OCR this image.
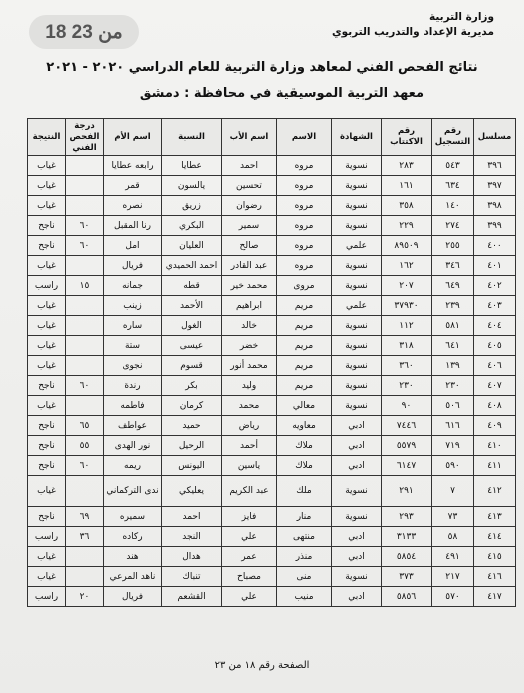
18 من 23
وزارة التربية
مديرية الإعداد والتدريب التربوي
نتائج الفحص الفني لمعاهد وزارة التربية للعام الدراسي ٢٠٢٠ - ٢٠٢١
معهد التربية الموسيقية في محافظة : دمشق
مسلسل	رقم التسجيل	رقم الاكتتاب	الشهادة	الاسم	اسم الأب	النسبة	اسم الأم	درجة الفحص الفني	النتيجة
٣٩٦	٥٤٣	٢٨٣	نسوية	مروه	احمد	عطايا	رابعه عطايا		غياب
٣٩٧	٦٣٤	١٦١	نسوية	مروه	تحسين	يالسون	قمر		غياب
٣٩٨	١٤٠	٣٥٨	نسوية	مروه	رضوان	زريق	نصره		غياب
٣٩٩	٢٧٤	٢٢٩	نسوية	مروه	سمير	البكري	رنا المقبل	٦٠	ناجح
٤٠٠	٢٥٥	٨٩٥٠٩	علمي	مروه	صالح	العليان	امل	٦٠	ناجح
٤٠١	٣٤٦	١٦٢	نسوية	مروه	عبد القادر	احمد الحميدي	فريال		غياب
٤٠٢	٦٤٩	٢٠٧	نسوية	مروى	محمد خير	قطه	جمانه	١٥	راسب
٤٠٣	٢٣٩	٣٧٩٣٠	علمي	مريم	ابراهيم	الأحمد	زينب		غياب
٤٠٤	٥٨١	١١٢	نسوية	مريم	خالد	الغول	ساره		غياب
٤٠٥	٦٤١	٣١٨	نسوية	مريم	خضر	عيسى	ستة		غياب
٤٠٦	١٣٩	٣٦٠	نسوية	مريم	محمد أنور	قسوم	نجوى		غياب
٤٠٧	٢٣٠	٢٣٠	نسوية	مريم	وليد	بكر	رندة	٦٠	ناجح
٤٠٨	٥٠٦	٩٠	نسوية	معالي	محمد	كرمان	فاطمه		غياب
٤٠٩	٦١٦	٧٤٤٦	ادبي	معاويه	رياض	حميد	عواطف	٦٥	ناجح
٤١٠	٧١٩	٥٥٧٩	ادبي	ملاك	أحمد	الرحيل	نور الهدى	٥٥	ناجح
٤١١	٥٩٠	٦١٤٧	ادبي	ملاك	ياسين	اليونس	ريمه	٦٠	ناجح
٤١٢	٧	٢٩١	نسوية	ملك	عبد الكريم	يعليكي	ندى التركماني		غياب
٤١٣	٧٣	٢٩٣	نسوية	منار	فايز	احمد	سميره	٦٩	ناجح
٤١٤	٥٨	٣١٣٣	ادبي	منتهى	علي	النجد	ركاده	٣٦	راسب
٤١٥	٤٩١	٥٨٥٤	ادبي	منذر	عمر	هدال	هند		غياب
٤١٦	٢١٧	٣٧٣	نسوية	منى	مصباح	تنباك	ناهد المرعي		غياب
٤١٧	٥٧٠	٥٨٥٦	ادبي	منيب	علي	القشعم	فريال	٢٠	راسب
الصفحة رقم ١٨ من ٢٣
